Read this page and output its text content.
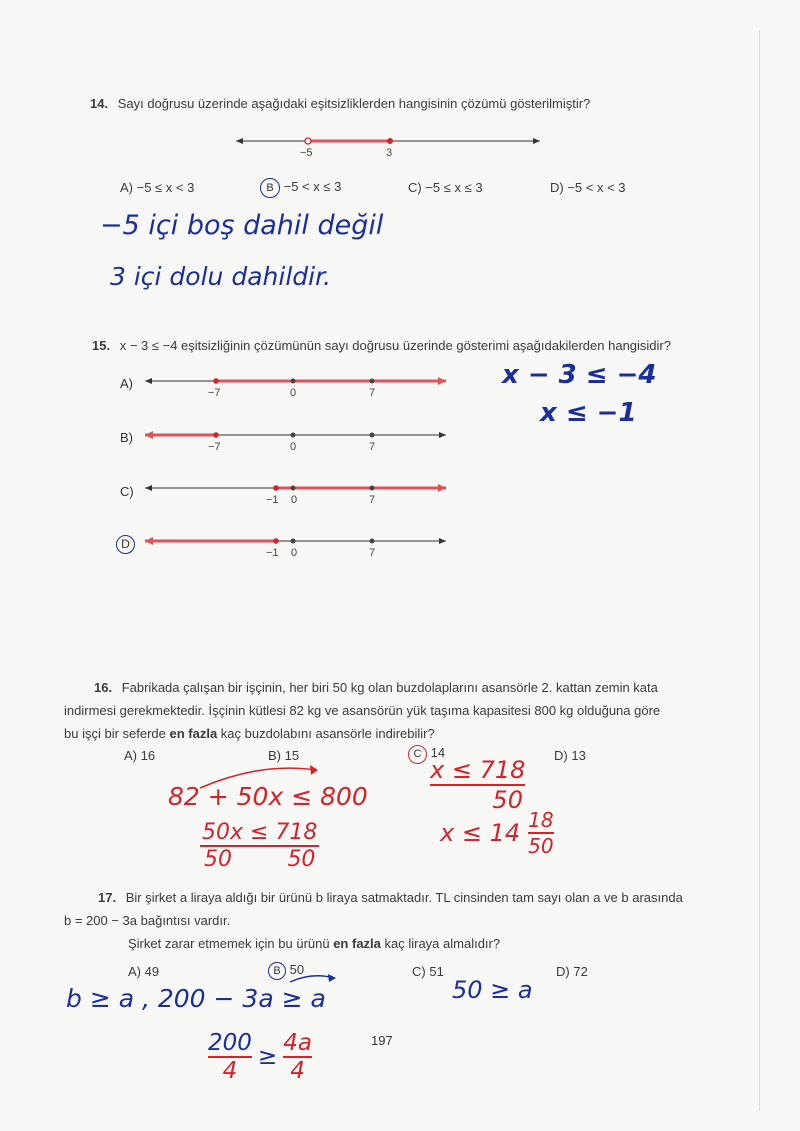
14. Sayı doğrusu üzerinde aşağıdaki eşitsizliklerden hangisinin çözümü gösterilmiştir?
−5	3
A) −5 ≤ x < 3	B −5 < x ≤ 3	C) −5 ≤ x ≤ 3	D) −5 < x < 3
−5 içi boş dahil değil
3 içi dolu dahildir.
15. x − 3 ≤ −4 eşitsizliğinin çözümünün sayı doğrusu üzerinde gösterimi aşağıdakilerden hangisidir?
A)
−7	0	7
B)
−7	0	7
C)
−1 0	7
D
−1 0	7
x − 3 ≤ −4
x ≤ −1
16. Fabrikada çalışan bir işçinin, her biri 50 kg olan buzdolaplarını asansörle 2. kattan zemin kata
indirmesi gerekmektedir. İşçinin kütlesi 82 kg ve asansörün yük taşıma kapasitesi 800 kg olduğuna göre
bu işçi bir seferde en fazla kaç buzdolabını asansörle indirebilir?
A) 16	B) 15	C 14	D) 13
82 + 50x ≤ 800
50x ≤ 718
50	50
$\frac{x \le 718}{50}$
$x \le 14 \frac{18}{50}$
17. Bir şirket a liraya aldığı bir ürünü b liraya satmaktadır. TL cinsinden tam sayı olan a ve b arasında
b = 200 − 3a bağıntısı vardır.
Şirket zarar etmemek için bu ürünü en fazla kaç liraya almalıdır?
A) 49	B 50	C) 51	D) 72
b ≥ a , 200 − 3a ≥ a	50 ≥ a
$\frac{200}{4} \ge \frac{4a}{4}$	197
